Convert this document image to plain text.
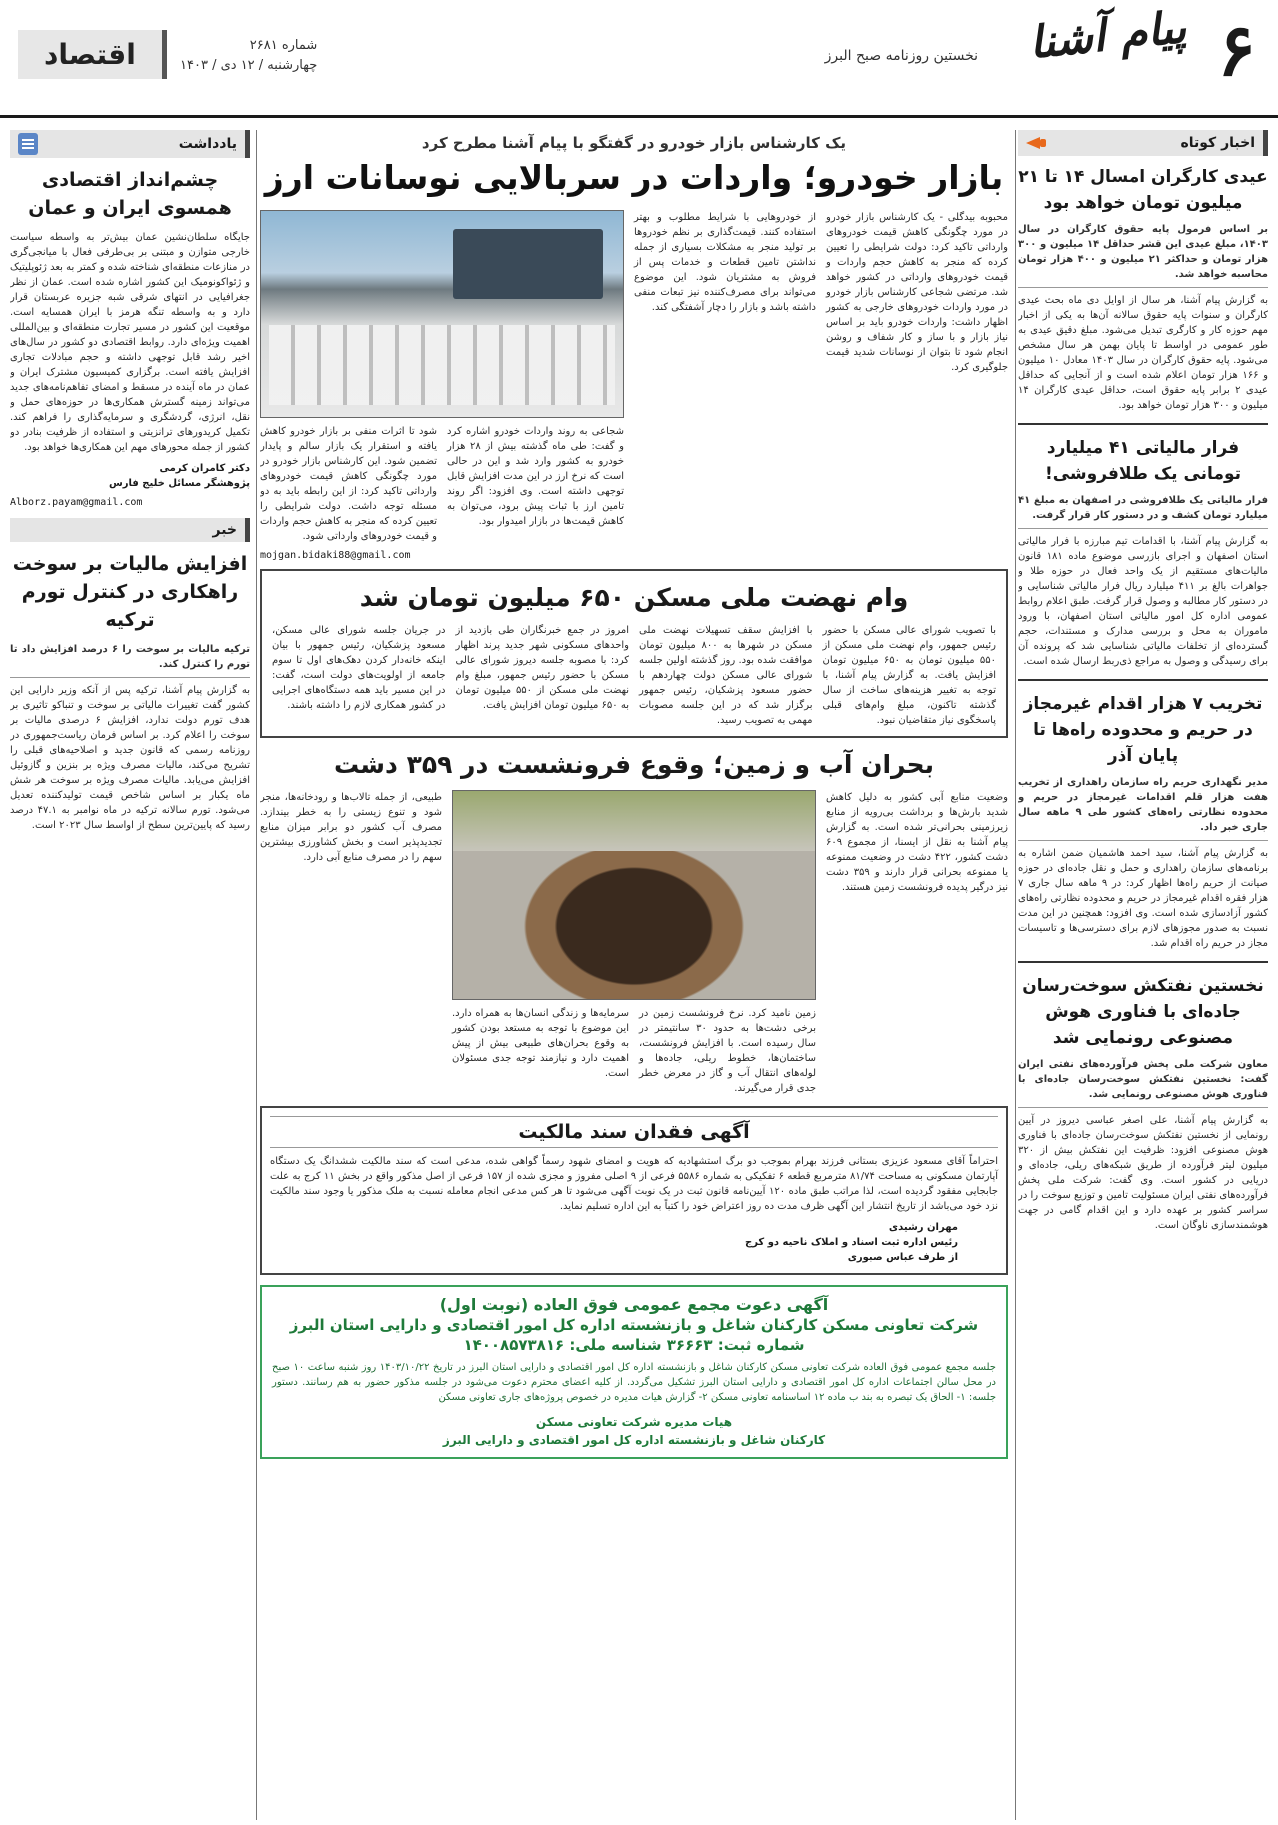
۶
پیام آشنا
نخستین روزنامه صبح البرز
شماره ۲۶۸۱
چهارشنبه / ۱۲ دی / ۱۴۰۳
اقتصاد
اخبار کوتاه
عیدی کارگران امسال ۱۴ تا ۲۱ میلیون تومان خواهد بود
بر اساس فرمول پایه حقوق کارگران در سال ۱۴۰۳، مبلغ عیدی این قشر حداقل ۱۴ میلیون و ۳۰۰ هزار تومان و حداکثر ۲۱ میلیون و ۴۰۰ هزار تومان محاسبه خواهد شد.
به گزارش پیام آشنا، هر سال از اوایل دی ماه بحث عیدی کارگران و سنوات پایه حقوق سالانه آن‌ها به یکی از اخبار مهم حوزه کار و کارگری تبدیل می‌شود. مبلغ دقیق عیدی به طور عمومی در اواسط تا پایان بهمن هر سال مشخص می‌شود. پایه حقوق کارگران در سال ۱۴۰۳ معادل ۱۰ میلیون و ۱۶۶ هزار تومان اعلام شده است و از آنجایی که حداقل عیدی ۲ برابر پایه حقوق است، حداقل عیدی کارگران ۱۴ میلیون و ۳۰۰ هزار تومان خواهد بود.
فرار مالیاتی ۴۱ میلیارد تومانی یک طلافروشی!
فرار مالیاتی یک طلافروشی در اصفهان به مبلغ ۴۱ میلیارد تومان کشف و در دستور کار قرار گرفت.
به گزارش پیام آشنا، با اقدامات تیم مبارزه با فرار مالیاتی استان اصفهان و اجرای بازرسی موضوع ماده ۱۸۱ قانون مالیات‌های مستقیم از یک واحد فعال در حوزه طلا و جواهرات بالغ بر ۴۱۱ میلیارد ریال فرار مالیاتی شناسایی و در دستور کار مطالبه و وصول قرار گرفت. طبق اعلام روابط عمومی اداره کل امور مالیاتی استان اصفهان، با ورود ماموران به محل و بررسی مدارک و مستندات، حجم گسترده‌ای از تخلفات مالیاتی شناسایی شد که پرونده آن برای رسیدگی و وصول به مراجع ذی‌ربط ارسال شده است.
تخریب ۷ هزار اقدام غیرمجاز در حریم و محدوده راه‌ها تا پایان آذر
مدیر نگهداری حریم راه سازمان راهداری از تخریب هفت هزار قلم اقدامات غیرمجاز در حریم و محدوده نظارتی راه‌های کشور طی ۹ ماهه سال جاری خبر داد.
به گزارش پیام آشنا، سید احمد هاشمیان ضمن اشاره به برنامه‌های سازمان راهداری و حمل و نقل جاده‌ای در حوزه صیانت از حریم راه‌ها اظهار کرد: در ۹ ماهه سال جاری ۷ هزار فقره اقدام غیرمجاز در حریم و محدوده نظارتی راه‌های کشور آزادسازی شده است. وی افزود: همچنین در این مدت نسبت به صدور مجوزهای لازم برای دسترسی‌ها و تاسیسات مجاز در حریم راه اقدام شد.
نخستین نفتکش سوخت‌رسان جاده‌ای با فناوری هوش مصنوعی رونمایی شد
معاون شرکت ملی پخش فرآورده‌های نفتی ایران گفت: نخستین نفتکش سوخت‌رسان جاده‌ای با فناوری هوش مصنوعی رونمایی شد.
به گزارش پیام آشنا، علی اصغر عباسی دیروز در آیین رونمایی از نخستین نفتکش سوخت‌رسان جاده‌ای با فناوری هوش مصنوعی افزود: ظرفیت این نفتکش بیش از ۳۲۰ میلیون لیتر فرآورده از طریق شبکه‌های ریلی، جاده‌ای و دریایی در کشور است. وی گفت: شرکت ملی پخش فرآورده‌های نفتی ایران مسئولیت تامین و توزیع سوخت را در سراسر کشور بر عهده دارد و این اقدام گامی در جهت هوشمندسازی ناوگان است.
یک کارشناس بازار خودرو در گفتگو با پیام آشنا مطرح کرد
بازار خودرو؛ واردات در سربالایی نوسانات ارز
محبوبه بیدگلی - یک کارشناس بازار خودرو در مورد چگونگی کاهش قیمت خودروهای وارداتی تاکید کرد: دولت شرایطی را تعیین کرده که منجر به کاهش حجم واردات و قیمت خودروهای وارداتی در کشور خواهد شد. مرتضی شجاعی کارشناس بازار خودرو در مورد واردات خودروهای خارجی به کشور اظهار داشت: واردات خودرو باید بر اساس نیاز بازار و با ساز و کار شفاف و روشن انجام شود تا بتوان از نوسانات شدید قیمت جلوگیری کرد.
از خودروهایی با شرایط مطلوب و بهتر استفاده کنند. قیمت‌گذاری بر نظم خودروها بر تولید منجر به مشکلات بسیاری از جمله نداشتن تامین قطعات و خدمات پس از فروش به مشتریان شود. این موضوع می‌تواند برای مصرف‌کننده نیز تبعات منفی داشته باشد و بازار را دچار آشفتگی کند.
شجاعی به روند واردات خودرو اشاره کرد و گفت: طی ماه گذشته بیش از ۲۸ هزار خودرو به کشور وارد شد و این در حالی است که نرخ ارز در این مدت افزایش قابل توجهی داشته است. وی افزود: اگر روند تامین ارز با ثبات پیش برود، می‌توان به کاهش قیمت‌ها در بازار امیدوار بود.
شود تا اثرات منفی بر بازار خودرو کاهش یافته و استقرار یک بازار سالم و پایدار تضمین شود. این کارشناس بازار خودرو در مورد چگونگی کاهش قیمت خودروهای وارداتی تاکید کرد: از این رابطه باید به دو مسئله توجه داشت. دولت شرایطی را تعیین کرده که منجر به کاهش حجم واردات و قیمت خودروهای وارداتی شود.
mojgan.bidaki88@gmail.com
وام نهضت ملی مسکن ۶۵۰ میلیون تومان شد
با تصویب شورای عالی مسکن با حضور رئیس جمهور، وام نهضت ملی مسکن از ۵۵۰ میلیون تومان به ۶۵۰ میلیون تومان افزایش یافت. به گزارش پیام آشنا، با توجه به تغییر هزینه‌های ساخت از سال گذشته تاکنون، مبلغ وام‌های قبلی پاسخگوی نیاز متقاضیان نبود.
با افزایش سقف تسهیلات نهضت ملی مسکن در شهرها به ۸۰۰ میلیون تومان موافقت شده بود. روز گذشته اولین جلسه شورای عالی مسکن دولت چهاردهم با حضور مسعود پزشکیان، رئیس جمهور برگزار شد که در این جلسه مصوبات مهمی به تصویب رسید.
امروز در جمع خبرنگاران طی بازدید از واحدهای مسکونی شهر جدید پرند اظهار کرد: با مصوبه جلسه دیروز شورای عالی مسکن با حضور رئیس جمهور، مبلغ وام نهضت ملی مسکن از ۵۵۰ میلیون تومان به ۶۵۰ میلیون تومان افزایش یافت.
در جریان جلسه شورای عالی مسکن، مسعود پزشکیان، رئیس جمهور با بیان اینکه خانه‌دار کردن دهک‌های اول تا سوم جامعه از اولویت‌های دولت است، گفت: در این مسیر باید همه دستگاه‌های اجرایی در کشور همکاری لازم را داشته باشند.
بحران آب و زمین؛ وقوع فرونشست در ۳۵۹ دشت
وضعیت منابع آبی کشور به دلیل کاهش شدید بارش‌ها و برداشت بی‌رویه از منابع زیرزمینی بحرانی‌تر شده است. به گزارش پیام آشنا به نقل از ایسنا، از مجموع ۶۰۹ دشت کشور، ۴۲۲ دشت در وضعیت ممنوعه یا ممنوعه بحرانی قرار دارند و ۳۵۹ دشت نیز درگیر پدیده فرونشست زمین هستند.
زمین نامید کرد. نرخ فرونشست زمین در برخی دشت‌ها به حدود ۳۰ سانتیمتر در سال رسیده است. با افزایش فرونشست، ساختمان‌ها، خطوط ریلی، جاده‌ها و لوله‌های انتقال آب و گاز در معرض خطر جدی قرار می‌گیرند.
سرمایه‌ها و زندگی انسان‌ها به همراه دارد. این موضوع با توجه به مستعد بودن کشور به وقوع بحران‌های طبیعی بیش از پیش اهمیت دارد و نیازمند توجه جدی مسئولان است.
طبیعی، از جمله تالاب‌ها و رودخانه‌ها، منجر شود و تنوع زیستی را به خطر بیندازد. مصرف آب کشور دو برابر میزان منابع تجدیدپذیر است و بخش کشاورزی بیشترین سهم را در مصرف منابع آبی دارد.
آگهی فقدان سند مالکیت
احتراماً آقای مسعود عزیزی بستانی فرزند بهرام بموجب دو برگ استشهادیه که هویت و امضای شهود رسماً گواهی شده، مدعی است که سند مالکیت ششدانگ یک دستگاه آپارتمان مسکونی به مساحت ۸۱/۷۴ مترمربع قطعه ۶ تفکیکی به شماره ۵۵۸۶ فرعی از ۹ اصلی مفروز و مجزی شده از ۱۵۷ فرعی از اصل مذکور واقع در بخش ۱۱ کرج به علت جابجایی مفقود گردیده است، لذا مراتب طبق ماده ۱۲۰ آیین‌نامه قانون ثبت در یک نوبت آگهی می‌شود تا هر کس مدعی انجام معامله نسبت به ملک مذکور یا وجود سند مالکیت نزد خود می‌باشد از تاریخ انتشار این آگهی ظرف مدت ده روز اعتراض خود را کتباً به این اداره تسلیم نماید.
مهران رشیدی
رئیس اداره ثبت اسناد و املاک ناحیه دو کرج
از طرف عباس صبوری
آگهی دعوت مجمع عمومی فوق العاده (نوبت اول)
شرکت تعاونی مسکن کارکنان شاغل و بازنشسته اداره کل امور اقتصادی و دارایی استان البرز
شماره ثبت: ۳۶۶۶۳ شناسه ملی: ۱۴۰۰۸۵۷۳۸۱۶
جلسه مجمع عمومی فوق العاده شرکت تعاونی مسکن کارکنان شاغل و بازنشسته اداره کل امور اقتصادی و دارایی استان البرز در تاریخ ۱۴۰۳/۱۰/۲۲ روز شنبه ساعت ۱۰ صبح در محل سالن اجتماعات اداره کل امور اقتصادی و دارایی استان البرز تشکیل می‌گردد. از کلیه اعضای محترم دعوت می‌شود در جلسه مذکور حضور به هم رسانند. دستور جلسه: ۱- الحاق یک تبصره به بند ب ماده ۱۲ اساسنامه تعاونی مسکن ۲- گزارش هیات مدیره در خصوص پروژه‌های جاری تعاونی مسکن
هیات مدیره شرکت تعاونی مسکن
کارکنان شاغل و بازنشسته اداره کل امور اقتصادی و دارایی البرز
یادداشت
چشم‌انداز اقتصادی همسوی ایران و عمان
جایگاه سلطان‌نشین عمان بیش‌تر به واسطه سیاست خارجی متوازن و مبتنی بر بی‌طرفی فعال با میانجی‌گری در منازعات منطقه‌ای شناخته شده و کمتر به بعد ژئوپلیتیک و ژئواکونومیک این کشور اشاره شده است. عمان از نظر جغرافیایی در انتهای شرقی شبه جزیره عربستان قرار دارد و به واسطه تنگه هرمز با ایران همسایه است. موقعیت این کشور در مسیر تجارت منطقه‌ای و بین‌المللی اهمیت ویژه‌ای دارد. روابط اقتصادی دو کشور در سال‌های اخیر رشد قابل توجهی داشته و حجم مبادلات تجاری افزایش یافته است. برگزاری کمیسیون مشترک ایران و عمان در ماه آینده در مسقط و امضای تفاهم‌نامه‌های جدید می‌تواند زمینه گسترش همکاری‌ها در حوزه‌های حمل و نقل، انرژی، گردشگری و سرمایه‌گذاری را فراهم کند. تکمیل کریدورهای ترانزیتی و استفاده از ظرفیت بنادر دو کشور از جمله محورهای مهم این همکاری‌ها خواهد بود.
دکتر کامران کرمی
پژوهشگر مسائل خلیج فارس
Alborz.payam@gmail.com
خبر
افزایش مالیات بر سوخت راهکاری در کنترل تورم ترکیه
ترکیه مالیات بر سوخت را ۶ درصد افزایش داد تا تورم را کنترل کند.
به گزارش پیام آشنا، ترکیه پس از آنکه وزیر دارایی این کشور گفت تغییرات مالیاتی بر سوخت و تنباکو تاثیری بر هدف تورم دولت ندارد، افزایش ۶ درصدی مالیات بر سوخت را اعلام کرد. بر اساس فرمان ریاست‌جمهوری در روزنامه رسمی که قانون جدید و اصلاحیه‌های قبلی را تشریح می‌کند، مالیات مصرف ویژه بر بنزین و گازوئیل افزایش می‌یابد. مالیات مصرف ویژه بر سوخت هر شش ماه یکبار بر اساس شاخص قیمت تولیدکننده تعدیل می‌شود. تورم سالانه ترکیه در ماه نوامبر به ۴۷.۱ درصد رسید که پایین‌ترین سطح از اواسط سال ۲۰۲۳ است.
